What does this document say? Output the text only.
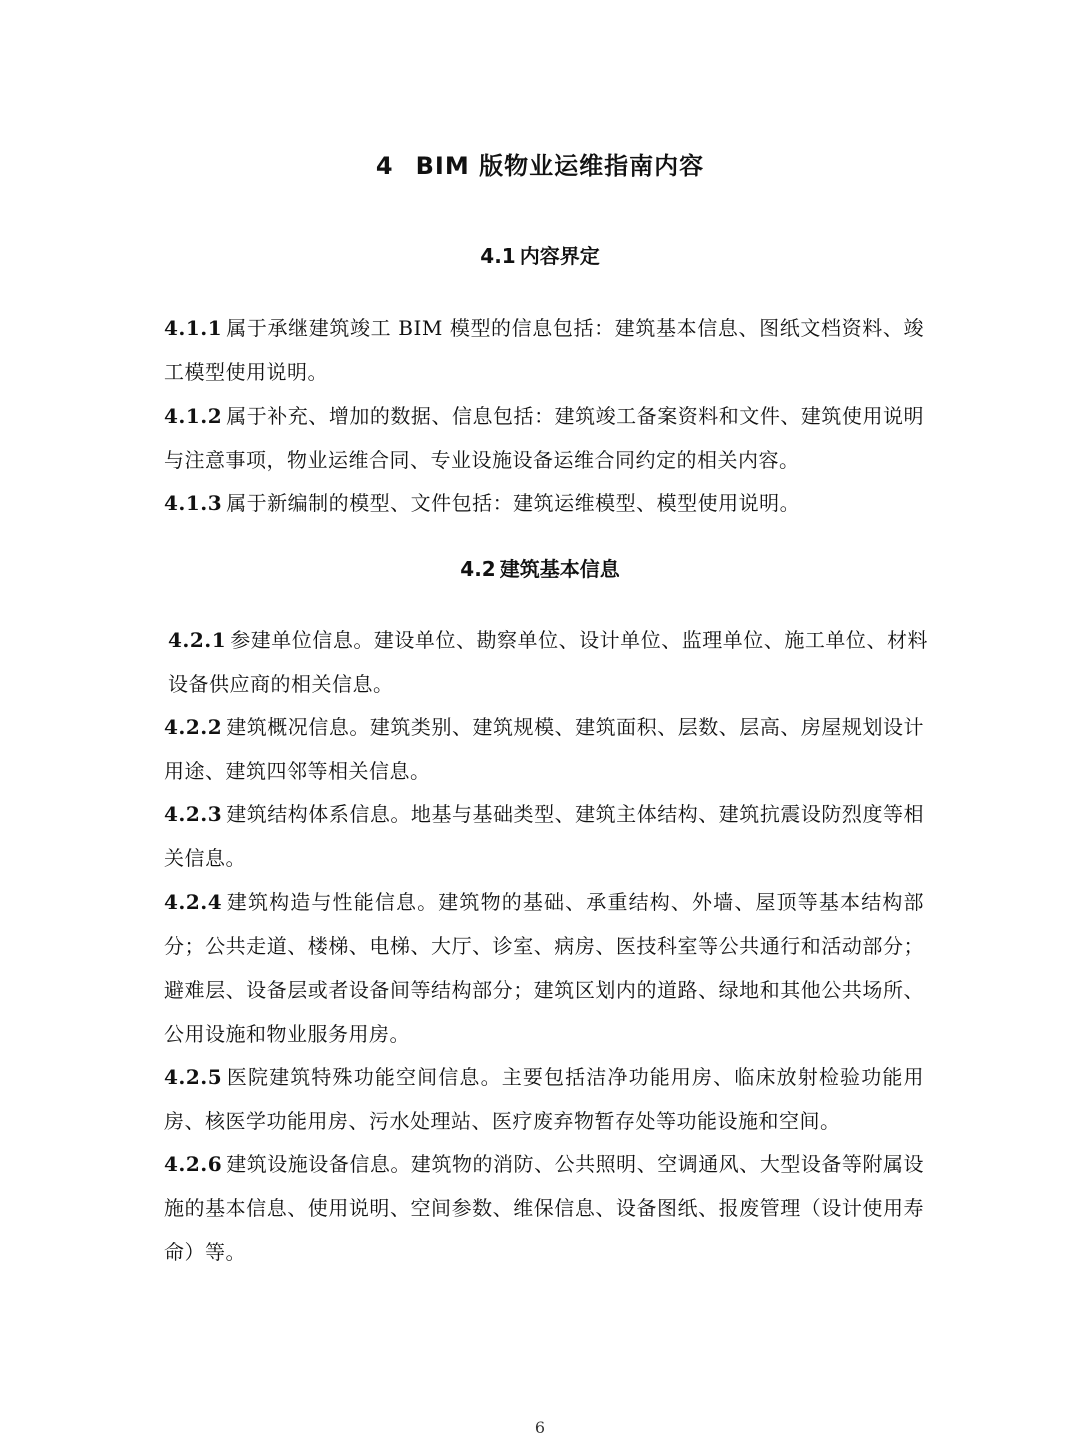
4 BIM 版物业运维指南内容
4.1 内容界定
4.1.1 属于承继建筑竣工 BIM 模型的信息包括：建筑基本信息、图纸文档资料、竣工模型使用说明。
4.1.2 属于补充、增加的数据、信息包括：建筑竣工备案资料和文件、建筑使用说明与注意事项，物业运维合同、专业设施设备运维合同约定的相关内容。
4.1.3 属于新编制的模型、文件包括：建筑运维模型、模型使用说明。
4.2 建筑基本信息
4.2.1 参建单位信息。建设单位、勘察单位、设计单位、监理单位、施工单位、材料设备供应商的相关信息。
4.2.2 建筑概况信息。建筑类别、建筑规模、建筑面积、层数、层高、房屋规划设计用途、建筑四邻等相关信息。
4.2.3 建筑结构体系信息。地基与基础类型、建筑主体结构、建筑抗震设防烈度等相关信息。
4.2.4 建筑构造与性能信息。建筑物的基础、承重结构、外墙、屋顶等基本结构部分；公共走道、楼梯、电梯、大厅、诊室、病房、医技科室等公共通行和活动部分；避难层、设备层或者设备间等结构部分；建筑区划内的道路、绿地和其他公共场所、公用设施和物业服务用房。
4.2.5 医院建筑特殊功能空间信息。主要包括洁净功能用房、临床放射检验功能用房、核医学功能用房、污水处理站、医疗废弃物暂存处等功能设施和空间。
4.2.6 建筑设施设备信息。建筑物的消防、公共照明、空调通风、大型设备等附属设施的基本信息、使用说明、空间参数、维保信息、设备图纸、报废管理（设计使用寿命）等。
6
